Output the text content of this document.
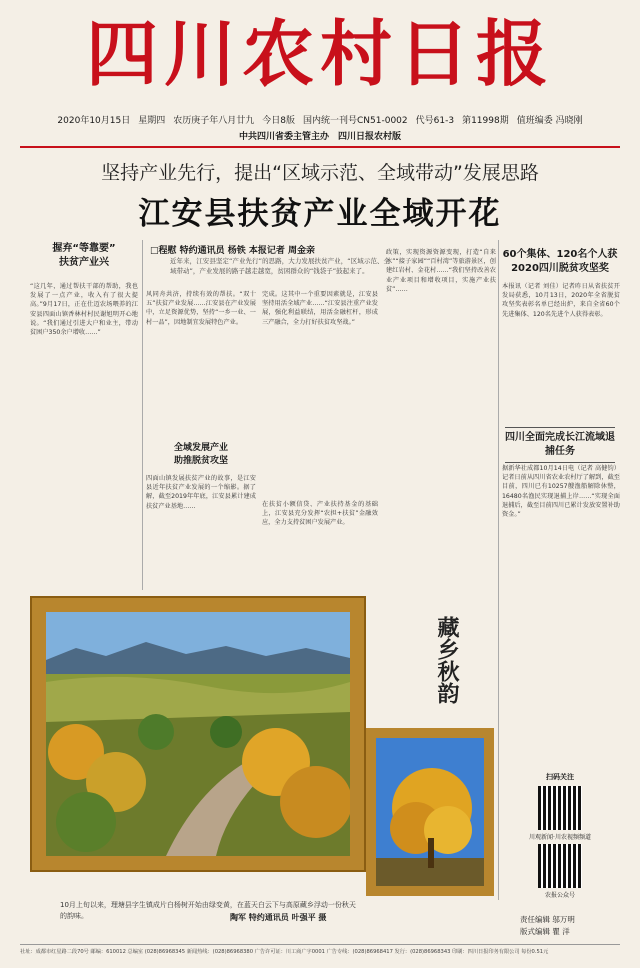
四川农村日报
2020年10月15日 星期四 农历庚子年八月廿九 今日8版 国内统一刊号CN51-0002 代号61-3 第11998期 值班编委 冯晓刚
中共四川省委主管主办　四川日报农村版
坚持产业先行，提出“区域示范、全域带动”发展思路
江安县扶贫产业全域开花
握弃“等靠要”
扶贫产业兴
□程慰 特约通讯员 杨铁 本报记者 周金亲
近年来，江安县坚定“产业先行”的思路，大力发展扶贫产业，“区域示范、全域带动”，产业发展的路子越走越宽，贫困群众的“钱袋子”鼓起来了。
“这几年，通过帮扶干部的帮助，我也发展了一点产业，收入有了很大提高。”9月17日，正在仕迈农场喂养的江安县四面山镇香林村村民谢旭明开心地说。“我们通过引进大户和业主，带动贫困户350余户增收……”
风同舟共济，持续有效的帮扶。“双十五”扶贫产业发展……江安县在产业发展中，立足资源优势，坚持“一乡一业、一村一品”，因地制宜发展特色产业。
全域发展产业
助推脱贫攻坚
四面山镇发展扶贫产业的故事，是江安县近年扶贫产业发展的一个缩影。据了解，截至2019年年底，江安县累计建成扶贫产业基地……
完成。这其中一个重要因素就是，江安县坚持用活全域产业……“江安县注重产业发展，强化利益联结，用活金融杠杆，形成三产融合，全力打好扶贫攻坚战。”
在扶贫小额信贷、产业扶持基金的基础上，江安县充分发挥“农担+扶贫”金融效应，全力支持贫困户发展产业。
政策，实现资源资源变现，打造“自来水”“接子家园”“百村湾”等旅游景区，创建红岩村、金花村……“我们坚持改善农业产业项目和增收项目，实施产业扶贫”……
60个集体、120名个人获2020四川脱贫攻坚奖
本报讯（记者 刘佳）记者昨日从省扶贫开发局获悉，10月13日，2020年全省脱贫攻坚奖表彰名单已经出炉，来自全省60个先进集体、120名先进个人获得表彰。
四川全面完成长江流域退捕任务
据新华社成都10月14日电（记者 高健钧）记者日前从四川省农业农村厅了解到，截至目前，四川已有10257艘渔船解除休整，16480名渔民实现退捕上岸……“实现全面退捕后，截至目前四川已累计发放安置补助资金。”
藏乡秋韵
10月上旬以来，理塘县字生镇成片白杨树开始由绿变黄，在蓝天白云下与高原藏乡浮动一份秋天的韵味。	陶军 特约通讯员 叶强平 摄
扫码关注
川观新闻·川农视频频道
农报公众号
责任编辑 邬万明
版式编辑 瞿 洋
社址：成都市红星路二段70号 邮编：610012 总编室 (028)86968345 新闻热线：(028)86968380 广告许可证：川工商广字0001 广告专线：(028)86968417 发行：(028)86968343 印刷：四川日报印务有限公司 每份0.51元
